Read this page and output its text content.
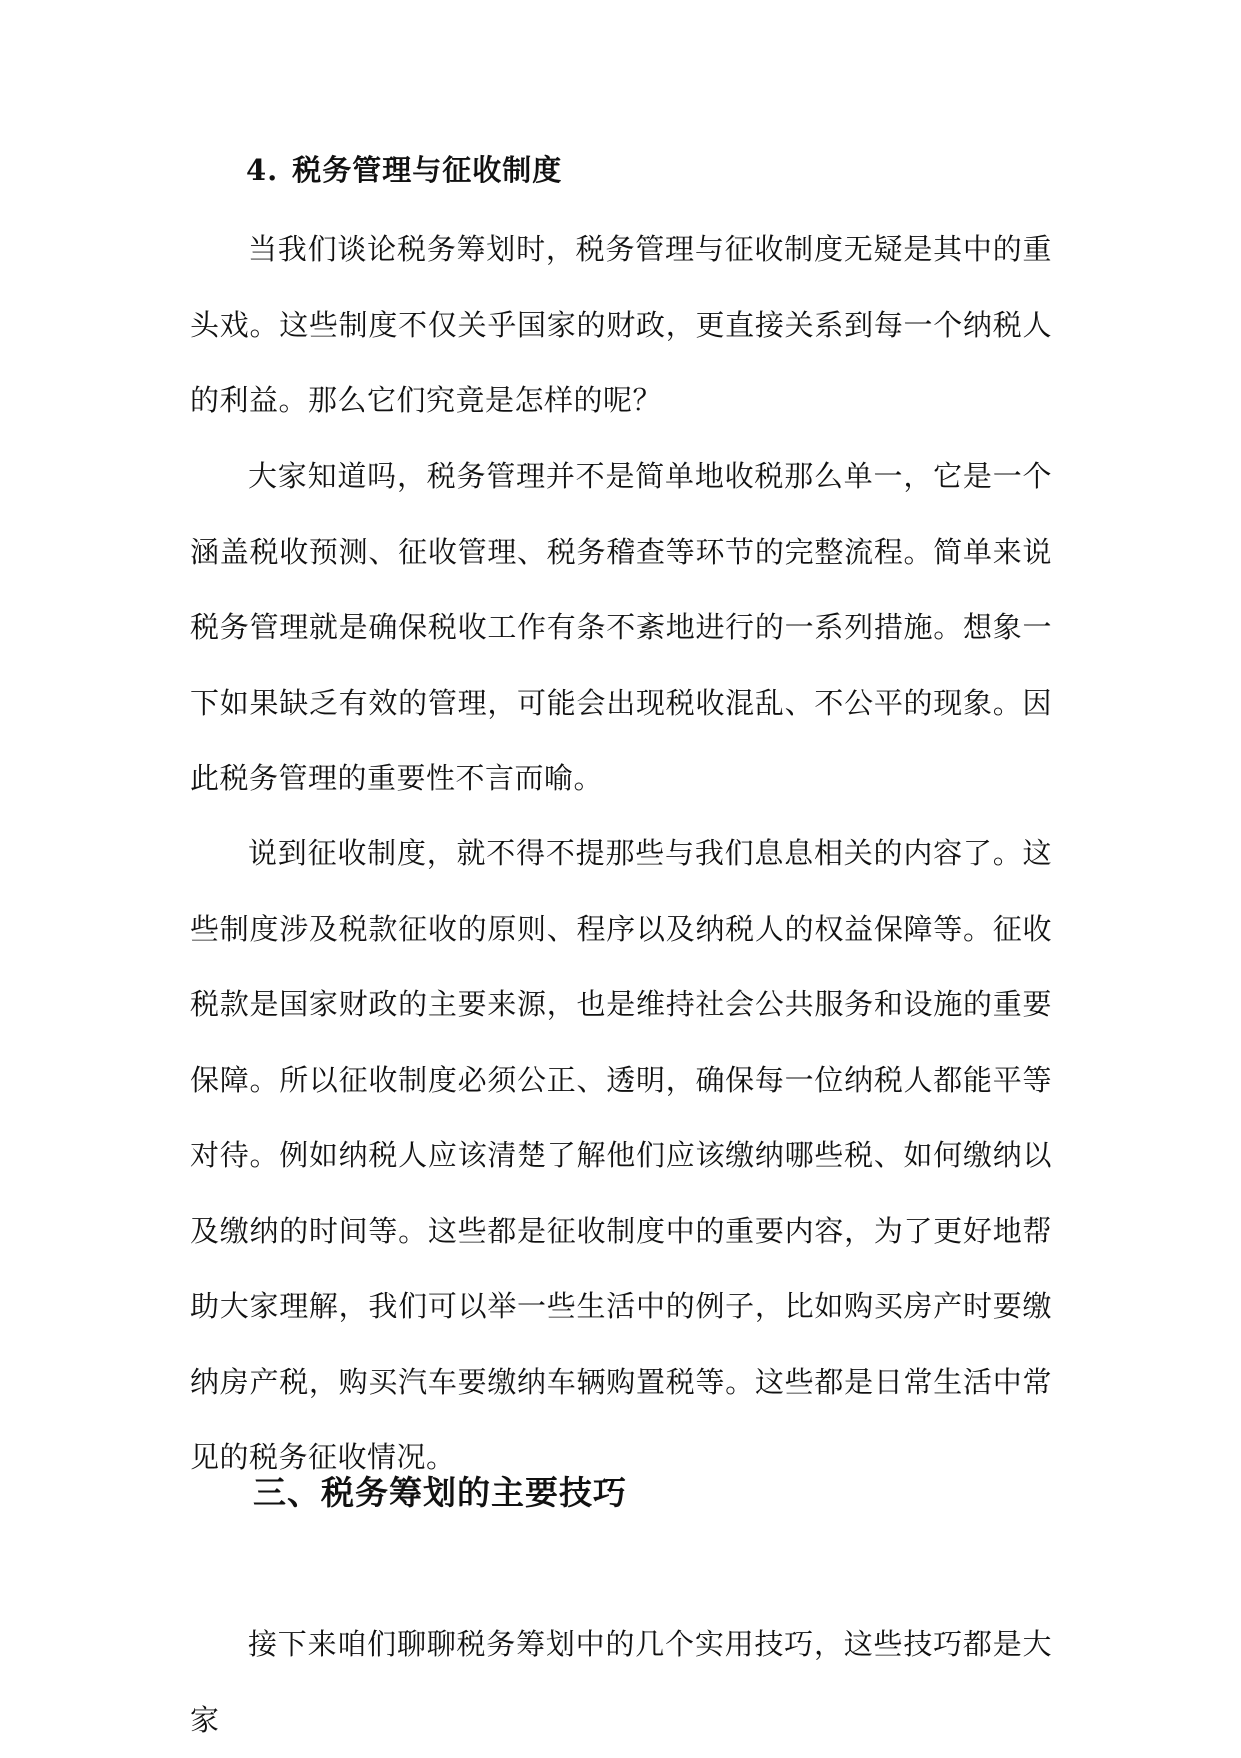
4. 税务管理与征收制度

当我们谈论税务筹划时，税务管理与征收制度无疑是其中的重头戏。这些制度不仅关乎国家的财政，更直接关系到每一个纳税人的利益。那么它们究竟是怎样的呢？

大家知道吗，税务管理并不是简单地收税那么单一，它是一个涵盖税收预测、征收管理、税务稽查等环节的完整流程。简单来说税务管理就是确保税收工作有条不紊地进行的一系列措施。想象一下如果缺乏有效的管理，可能会出现税收混乱、不公平的现象。因此税务管理的重要性不言而喻。

说到征收制度，就不得不提那些与我们息息相关的内容了。这些制度涉及税款征收的原则、程序以及纳税人的权益保障等。征收税款是国家财政的主要来源，也是维持社会公共服务和设施的重要保障。所以征收制度必须公正、透明，确保每一位纳税人都能平等对待。例如纳税人应该清楚了解他们应该缴纳哪些税、如何缴纳以及缴纳的时间等。这些都是征收制度中的重要内容，为了更好地帮助大家理解，我们可以举一些生活中的例子，比如购买房产时要缴纳房产税，购买汽车要缴纳车辆购置税等。这些都是日常生活中常见的税务征收情况。

三、税务筹划的主要技巧

接下来咱们聊聊税务筹划中的几个实用技巧，这些技巧都是大家
